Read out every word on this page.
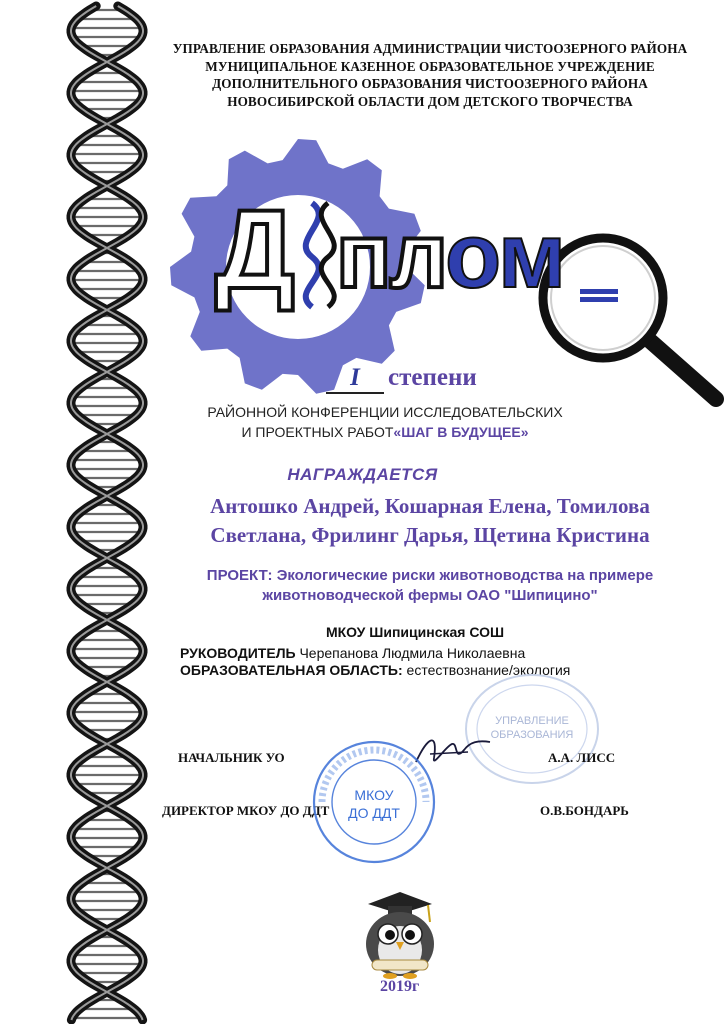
УПРАВЛЕНИЕ ОБРАЗОВАНИЯ АДМИНИСТРАЦИИ ЧИСТООЗЕРНОГО РАЙОНА
МУНИЦИПАЛЬНОЕ КАЗЕННОЕ ОБРАЗОВАТЕЛЬНОЕ УЧРЕЖДЕНИЕ
ДОПОЛНИТЕЛЬНОГО ОБРАЗОВАНИЯ ЧИСТООЗЕРНОГО РАЙОНА
НОВОСИБИРСКОЙ ОБЛАСТИ ДОМ ДЕТСКОГО ТВОРЧЕСТВА
Д пл
ом
I степени
РАЙОННОЙ КОНФЕРЕНЦИИ ИССЛЕДОВАТЕЛЬСКИХ
И ПРОЕКТНЫХ РАБОТ«ШАГ В БУДУЩЕЕ»
НАГРАЖДАЕТСЯ
Антошко Андрей, Кошарная Елена, Томилова
Светлана, Фрилинг Дарья, Щетина Кристина
ПРОЕКТ: Экологические риски животноводства на примере
животноводческой фермы ОАО "Шипицино"
МКОУ Шипицинская СОШ
РУКОВОДИТЕЛЬ Черепанова Людмила Николаевна
ОБРАЗОВАТЕЛЬНАЯ ОБЛАСТЬ: естествознание/экология
УПРАВЛЕНИЕ
ОБРАЗОВАНИЯ
НАЧАЛЬНИК УО	А.А. ЛИСС
ДИРЕКТОР МКОУ ДО ДДТ	О.В.БОНДАРЬ
МКОУ
ДО ДДТ
2019г
